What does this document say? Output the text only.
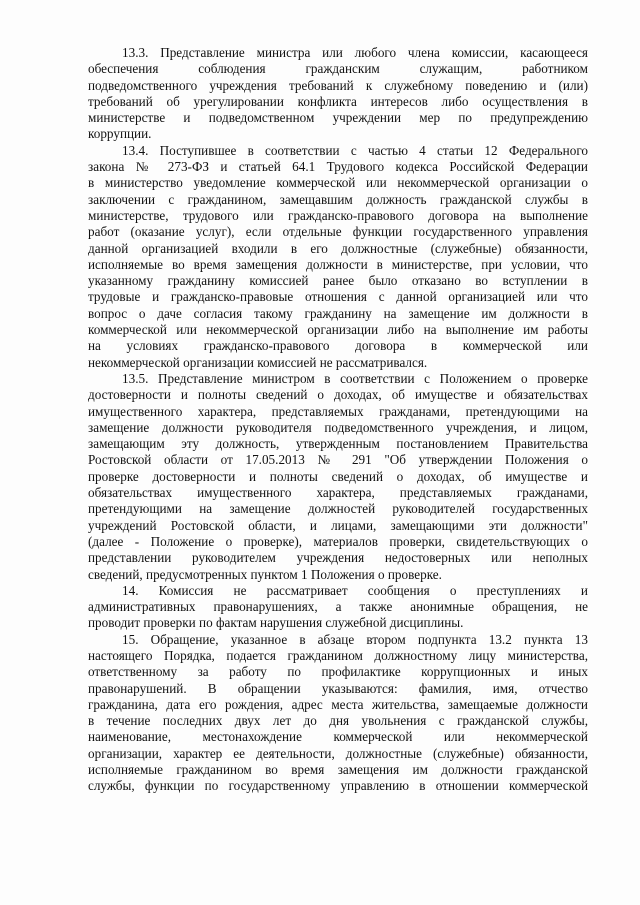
13.3. Представление министра или любого члена комиссии, касающееся
обеспечения соблюдения гражданским служащим, работником
подведомственного учреждения требований к служебному поведению и (или)
требований об урегулировании конфликта интересов либо осуществления в
министерстве и подведомственном учреждении мер по предупреждению
коррупции.
13.4. Поступившее в соответствии с частью 4 статьи 12 Федерального
закона № 273-ФЗ и статьей 64.1 Трудового кодекса Российской Федерации
в министерство уведомление коммерческой или некоммерческой организации о
заключении с гражданином, замещавшим должность гражданской службы в
министерстве, трудового или гражданско-правового договора на выполнение
работ (оказание услуг), если отдельные функции государственного управления
данной организацией входили в его должностные (служебные) обязанности,
исполняемые во время замещения должности в министерстве, при условии, что
указанному гражданину комиссией ранее было отказано во вступлении в
трудовые и гражданско-правовые отношения с данной организацией или что
вопрос о даче согласия такому гражданину на замещение им должности в
коммерческой или некоммерческой организации либо на выполнение им работы
на условиях гражданско-правового договора в коммерческой или
некоммерческой организации комиссией не рассматривался.
13.5. Представление министром в соответствии с Положением о проверке
достоверности и полноты сведений о доходах, об имуществе и обязательствах
имущественного характера, представляемых гражданами, претендующими на
замещение должности руководителя подведомственного учреждения, и лицом,
замещающим эту должность, утвержденным постановлением Правительства
Ростовской области от 17.05.2013 № 291 "Об утверждении Положения о
проверке достоверности и полноты сведений о доходах, об имуществе и
обязательствах имущественного характера, представляемых гражданами,
претендующими на замещение должностей руководителей государственных
учреждений Ростовской области, и лицами, замещающими эти должности"
(далее - Положение о проверке), материалов проверки, свидетельствующих о
представлении руководителем учреждения недостоверных или неполных
сведений, предусмотренных пунктом 1 Положения о проверке.
14. Комиссия не рассматривает сообщения о преступлениях и
административных правонарушениях, а также анонимные обращения, не
проводит проверки по фактам нарушения служебной дисциплины.
15. Обращение, указанное в абзаце втором подпункта 13.2 пункта 13
настоящего Порядка, подается гражданином должностному лицу министерства,
ответственному за работу по профилактике коррупционных и иных
правонарушений. В обращении указываются: фамилия, имя, отчество
гражданина, дата его рождения, адрес места жительства, замещаемые должности
в течение последних двух лет до дня увольнения с гражданской службы,
наименование, местонахождение коммерческой или некоммерческой
организации, характер ее деятельности, должностные (служебные) обязанности,
исполняемые гражданином во время замещения им должности гражданской
службы, функции по государственному управлению в отношении коммерческой
